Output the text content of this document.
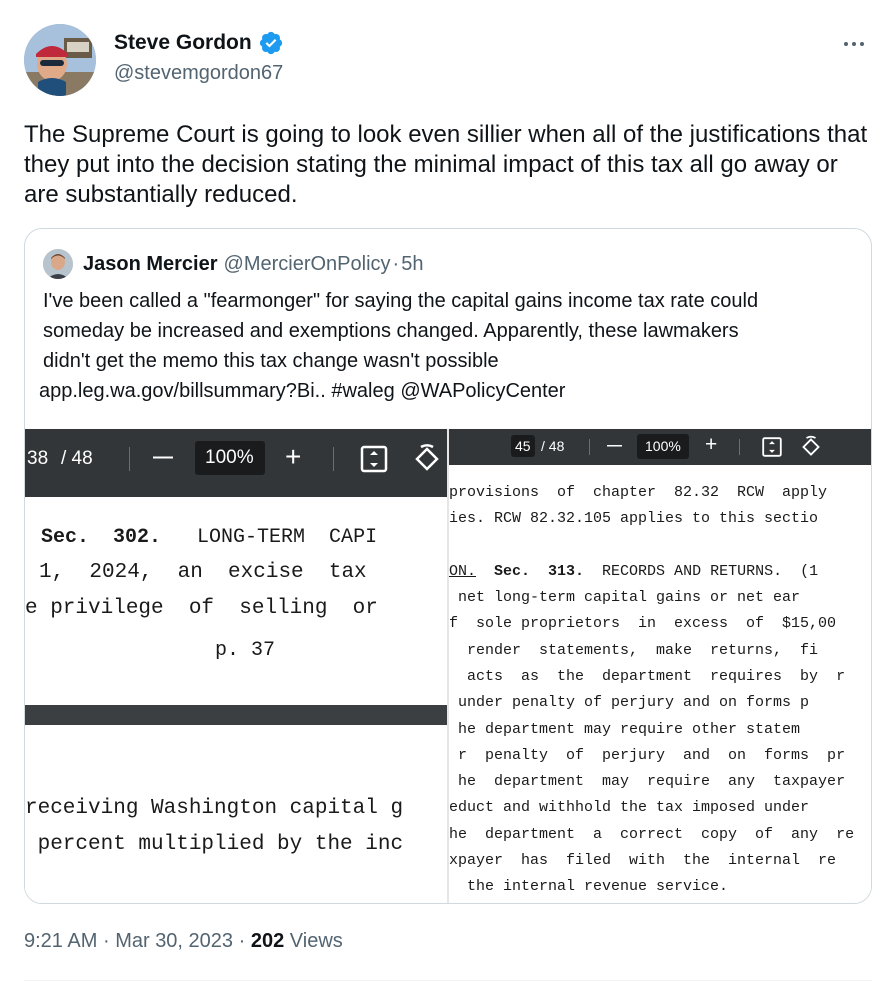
Steve Gordon
@stevemgordon67
The Supreme Court is going to look even sillier when all of the justifications that they put into the decision stating the minimal impact of this tax all go away or are substantially reduced.
Jason Mercier @MercierOnPolicy · 5h
I've been called a "fearmonger" for saying the capital gains income tax rate could
someday be increased and exemptions changed. Apparently, these lawmakers
didn't get the memo this tax change wasn't possible
app.leg.wa.gov/billsummary?Bi.. #waleg @WAPolicyCenter
38 / 48	— 100% +
Sec.  302.   LONG-TERM  CAPI
1,  2024,  an  excise  tax
e privilege  of  selling  or
p. 37
receiving Washington capital g
percent multiplied by the inc
45 / 48	— 100% +
provisions  of  chapter  82.32  RCW  apply
ies. RCW 82.32.105 applies to this sectio
ON. Sec.  313.  RECORDS AND RETURNS.  (1
net long-term capital gains or net ear
f  sole proprietors  in  excess  of  $15,00
render  statements,  make  returns,  fi
acts  as  the  department  requires  by  r
under penalty of perjury and on forms p
he department may require other statem
r  penalty  of  perjury  and  on  forms  pr
he  department  may  require  any  taxpayer
educt and withhold the tax imposed under
he  department  a  correct  copy  of  any  re
xpayer  has  filed  with  the  internal  re
the internal revenue service.
9:21 AM · Mar 30, 2023 · 202 Views
